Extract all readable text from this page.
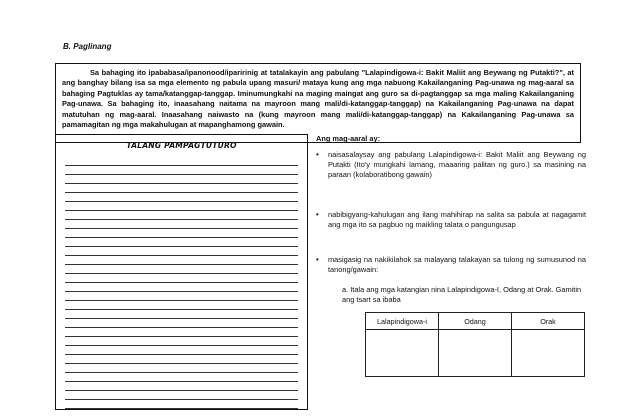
B. Paglinang
Sa bahaging ito ipababasa/ipanonood/iparirinig at tatalakayin ang pabulang "Lalapindigowa-i: Bakit Maliit ang Beywang ng Putakti?", at ang banghay bilang isa sa mga elemento ng pabula upang masuri/ mataya kung ang mga nabuong Kakailanganing Pag-unawa ng mag-aaral sa bahaging Pagtuklas ay tama/katanggap-tanggap. Iminumungkahi na maging maingat ang guro sa di-pagtanggap sa mga maling Kakailanganing Pag-unawa. Sa bahaging ito, inaasahang naitama na mayroon mang mali/di-katanggap-tanggap) na Kakailanganing Pag-unawa na dapat matutuhan ng mag-aaral. Inaasahang naiwasto na (kung mayroon mang mali/di-katanggap-tanggap) na Kakailanganing Pag-unawa sa pamamagitan ng mga makahulugan at mapanghamong gawain.
TALANG PAMPAGTUTURO
Ang mag-aaral ay:
•	naisasalaysay ang pabulang Lalapindigowa-i: Bakit Maliit ang Beywang ng Putakti (Ito'y mungkahi lamang, maaaring palitan ng guro.) sa masining na paraan (kolaboratibong gawain)
•	nabibigyang-kahulugan ang ilang mahihirap na salita sa pabula at nagagamit ang mga ito sa pagbuo ng maikling talata o pangungusap
•	masigasig na nakikilahok sa malayang talakayan sa tulong ng sumusunod na tanong/gawain:
a. Itala ang mga katangian nina Lalapindigowa-I, Odang at Orak. Gamitin ang tsart sa ibaba
Lalapindigowa-i	Odang	Orak
